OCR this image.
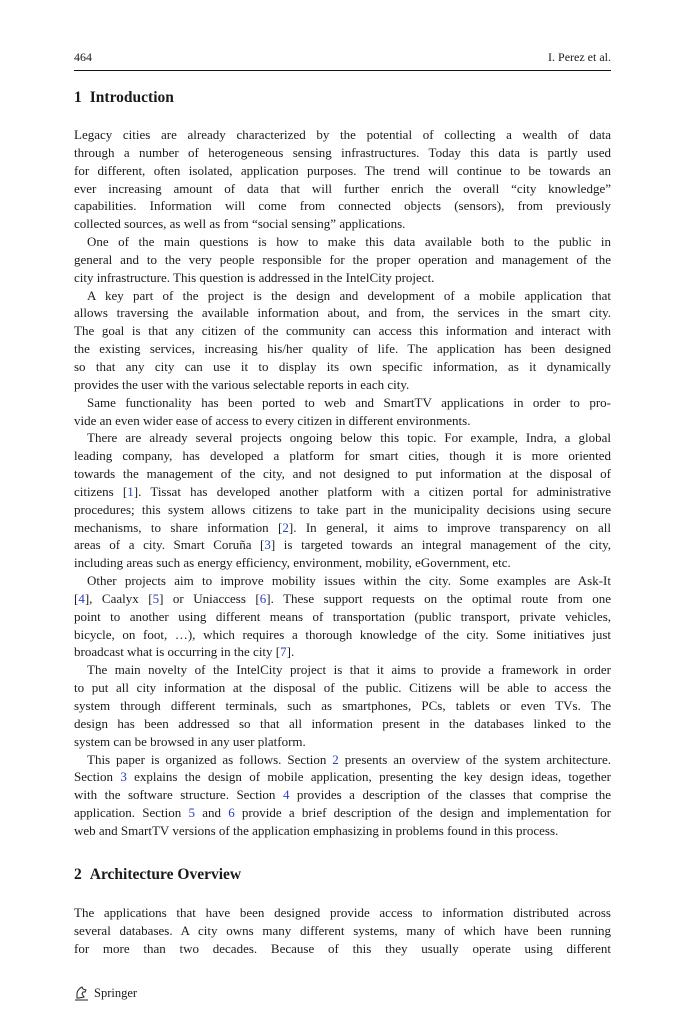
464	I. Perez et al.
1 Introduction
Legacy cities are already characterized by the potential of collecting a wealth of data
through a number of heterogeneous sensing infrastructures. Today this data is partly used
for different, often isolated, application purposes. The trend will continue to be towards an
ever increasing amount of data that will further enrich the overall “city knowledge”
capabilities. Information will come from connected objects (sensors), from previously
collected sources, as well as from “social sensing” applications.
One of the main questions is how to make this data available both to the public in
general and to the very people responsible for the proper operation and management of the
city infrastructure. This question is addressed in the IntelCity project.
A key part of the project is the design and development of a mobile application that
allows traversing the available information about, and from, the services in the smart city.
The goal is that any citizen of the community can access this information and interact with
the existing services, increasing his/her quality of life. The application has been designed
so that any city can use it to display its own specific information, as it dynamically
provides the user with the various selectable reports in each city.
Same functionality has been ported to web and SmartTV applications in order to pro-
vide an even wider ease of access to every citizen in different environments.
There are already several projects ongoing below this topic. For example, Indra, a global
leading company, has developed a platform for smart cities, though it is more oriented
towards the management of the city, and not designed to put information at the disposal of
citizens [1]. Tissat has developed another platform with a citizen portal for administrative
procedures; this system allows citizens to take part in the municipality decisions using secure
mechanisms, to share information [2]. In general, it aims to improve transparency on all
areas of a city. Smart Coruña [3] is targeted towards an integral management of the city,
including areas such as energy efficiency, environment, mobility, eGovernment, etc.
Other projects aim to improve mobility issues within the city. Some examples are Ask-It
[4], Caalyx [5] or Uniaccess [6]. These support requests on the optimal route from one
point to another using different means of transportation (public transport, private vehicles,
bicycle, on foot, …), which requires a thorough knowledge of the city. Some initiatives just
broadcast what is occurring in the city [7].
The main novelty of the IntelCity project is that it aims to provide a framework in order
to put all city information at the disposal of the public. Citizens will be able to access the
system through different terminals, such as smartphones, PCs, tablets or even TVs. The
design has been addressed so that all information present in the databases linked to the
system can be browsed in any user platform.
This paper is organized as follows. Section 2 presents an overview of the system architecture.
Section 3 explains the design of mobile application, presenting the key design ideas, together
with the software structure. Section 4 provides a description of the classes that comprise the
application. Section 5 and 6 provide a brief description of the design and implementation for
web and SmartTV versions of the application emphasizing in problems found in this process.
2 Architecture Overview
The applications that have been designed provide access to information distributed across
several databases. A city owns many different systems, many of which have been running
for more than two decades. Because of this they usually operate using different
Springer
